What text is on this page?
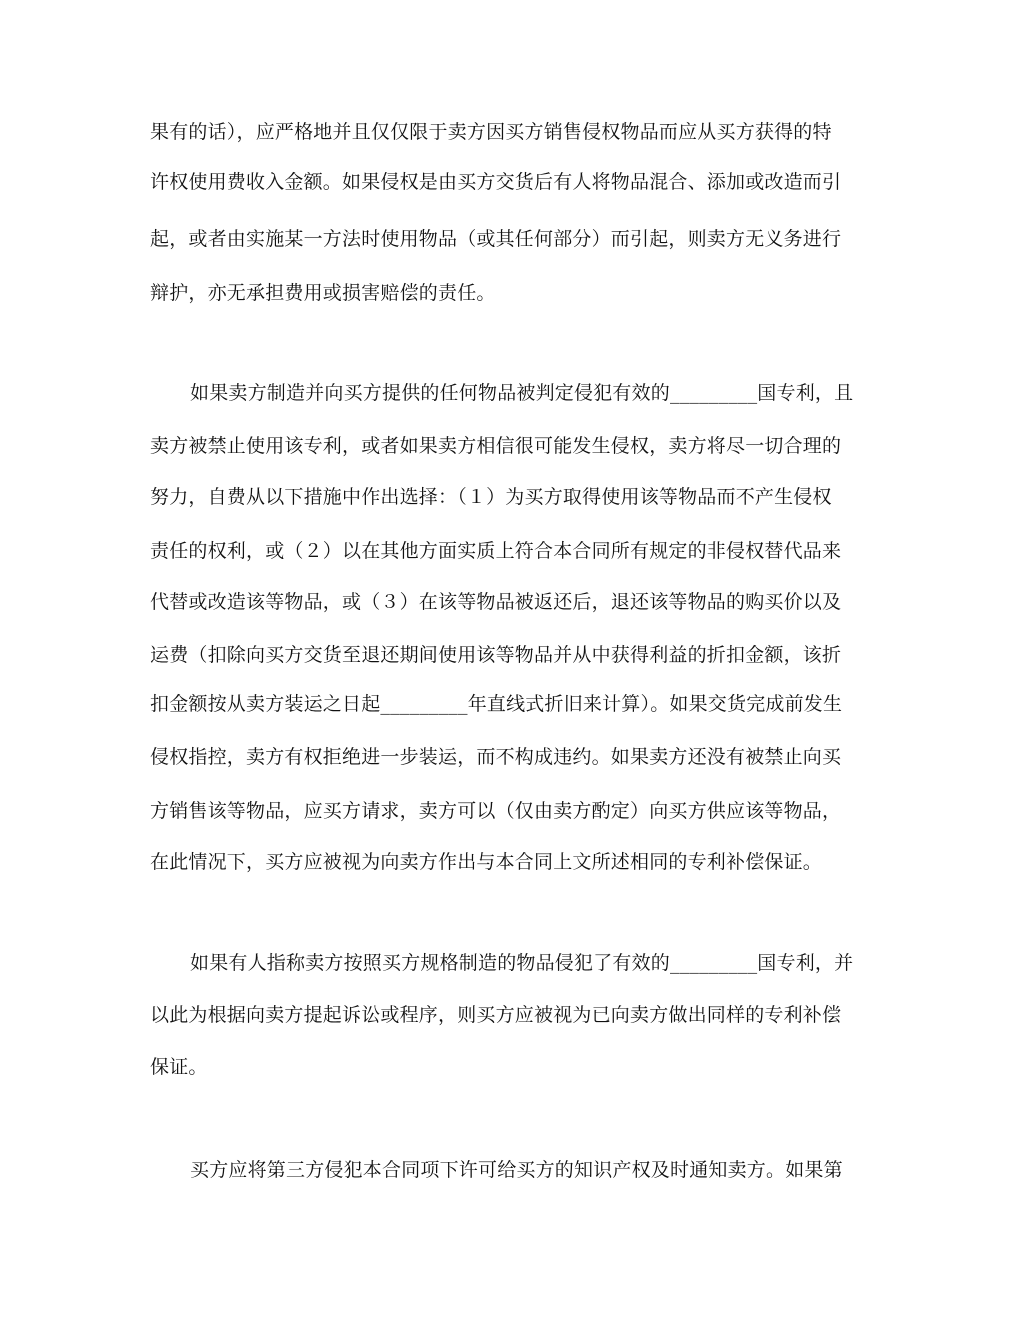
果有的话），应严格地并且仅仅限于卖方因买方销售侵权物品而应从买方获得的特
许权使用费收入金额。如果侵权是由买方交货后有人将物品混合、添加或改造而引
起，或者由实施某一方法时使用物品（或其任何部分）而引起，则卖方无义务进行
辩护，亦无承担费用或损害赔偿的责任。
如果卖方制造并向买方提供的任何物品被判定侵犯有效的_________国专利，且
卖方被禁止使用该专利，或者如果卖方相信很可能发生侵权，卖方将尽一切合理的
努力，自费从以下措施中作出选择：（１）为买方取得使用该等物品而不产生侵权
责任的权利，或（２）以在其他方面实质上符合本合同所有规定的非侵权替代品来
代替或改造该等物品，或（３）在该等物品被返还后，退还该等物品的购买价以及
运费（扣除向买方交货至退还期间使用该等物品并从中获得利益的折扣金额，该折
扣金额按从卖方装运之日起_________年直线式折旧来计算）。如果交货完成前发生
侵权指控，卖方有权拒绝进一步装运，而不构成违约。如果卖方还没有被禁止向买
方销售该等物品，应买方请求，卖方可以（仅由卖方酌定）向买方供应该等物品，
在此情况下，买方应被视为向卖方作出与本合同上文所述相同的专利补偿保证。
如果有人指称卖方按照买方规格制造的物品侵犯了有效的_________国专利，并
以此为根据向卖方提起诉讼或程序，则买方应被视为已向卖方做出同样的专利补偿
保证。
买方应将第三方侵犯本合同项下许可给买方的知识产权及时通知卖方。如果第
